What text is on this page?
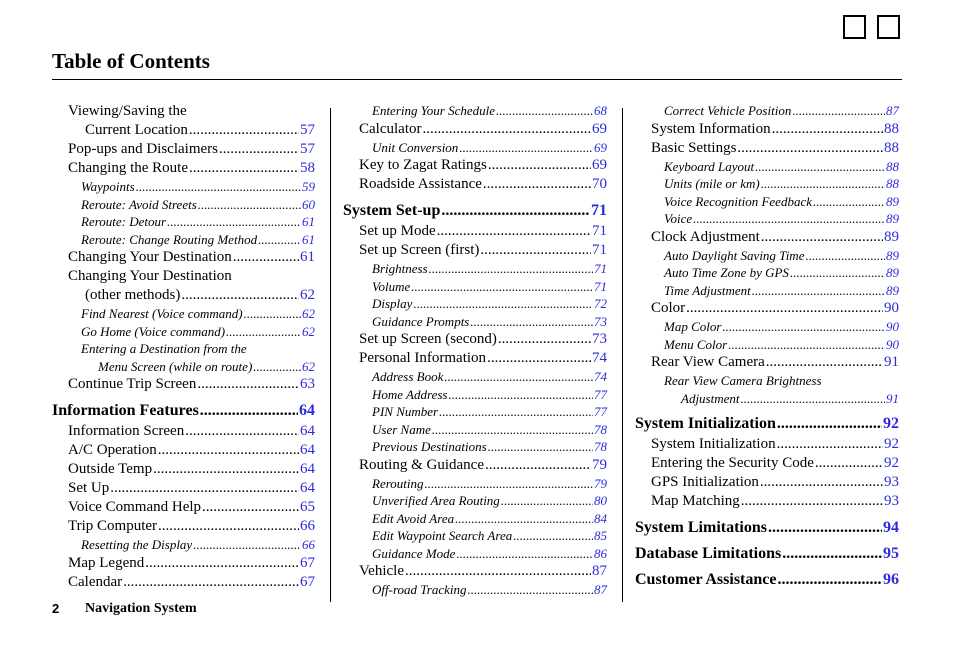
Table of Contents
Viewing/Saving the
Current Location .....	57
Pop-ups and Disclaimers .....	57
Changing the Route .....	58
Waypoints .....	59
Reroute: Avoid Streets .....	60
Reroute: Detour .....	61
Reroute: Change Routing Method .....	61
Changing Your Destination .....	61
Changing Your Destination
(other methods) .....	62
Find Nearest (Voice command) .....	62
Go Home (Voice command) .....	62
Entering a Destination from the
Menu Screen (while on route) .....	62
Continue Trip Screen .....	63
Information Features .....	64
Information Screen .....	64
A/C Operation .....	64
Outside Temp .....	64
Set Up .....	64
Voice Command Help .....	65
Trip Computer .....	66
Resetting the Display .....	66
Map Legend .....	67
Calendar .....	67
Entering Your Schedule .....	68
Calculator .....	69
Unit Conversion .....	69
Key to Zagat Ratings .....	69
Roadside Assistance .....	70
System Set-up .....	71
Set up Mode .....	71
Set up Screen (first) .....	71
Brightness .....	71
Volume .....	71
Display .....	72
Guidance Prompts .....	73
Set up Screen (second) .....	73
Personal Information .....	74
Address Book .....	74
Home Address .....	77
PIN Number .....	77
User Name .....	78
Previous Destinations .....	78
Routing & Guidance .....	79
Rerouting .....	79
Unverified Area Routing .....	80
Edit Avoid Area .....	84
Edit Waypoint Search Area .....	85
Guidance Mode .....	86
Vehicle .....	87
Off-road Tracking .....	87
Correct Vehicle Position .....	87
System Information .....	88
Basic Settings .....	88
Keyboard Layout .....	88
Units (mile or km) .....	88
Voice Recognition Feedback .....	89
Voice .....	89
Clock Adjustment .....	89
Auto Daylight Saving Time .....	89
Auto Time Zone by GPS .....	89
Time Adjustment .....	89
Color .....	90
Map Color .....	90
Menu Color .....	90
Rear View Camera .....	91
Rear View Camera Brightness
Adjustment .....	91
System Initialization .....	92
System Initialization .....	92
Entering the Security Code .....	92
GPS Initialization .....	93
Map Matching .....	93
System Limitations .....	94
Database Limitations .....	95
Customer Assistance .....	96
2 Navigation System
